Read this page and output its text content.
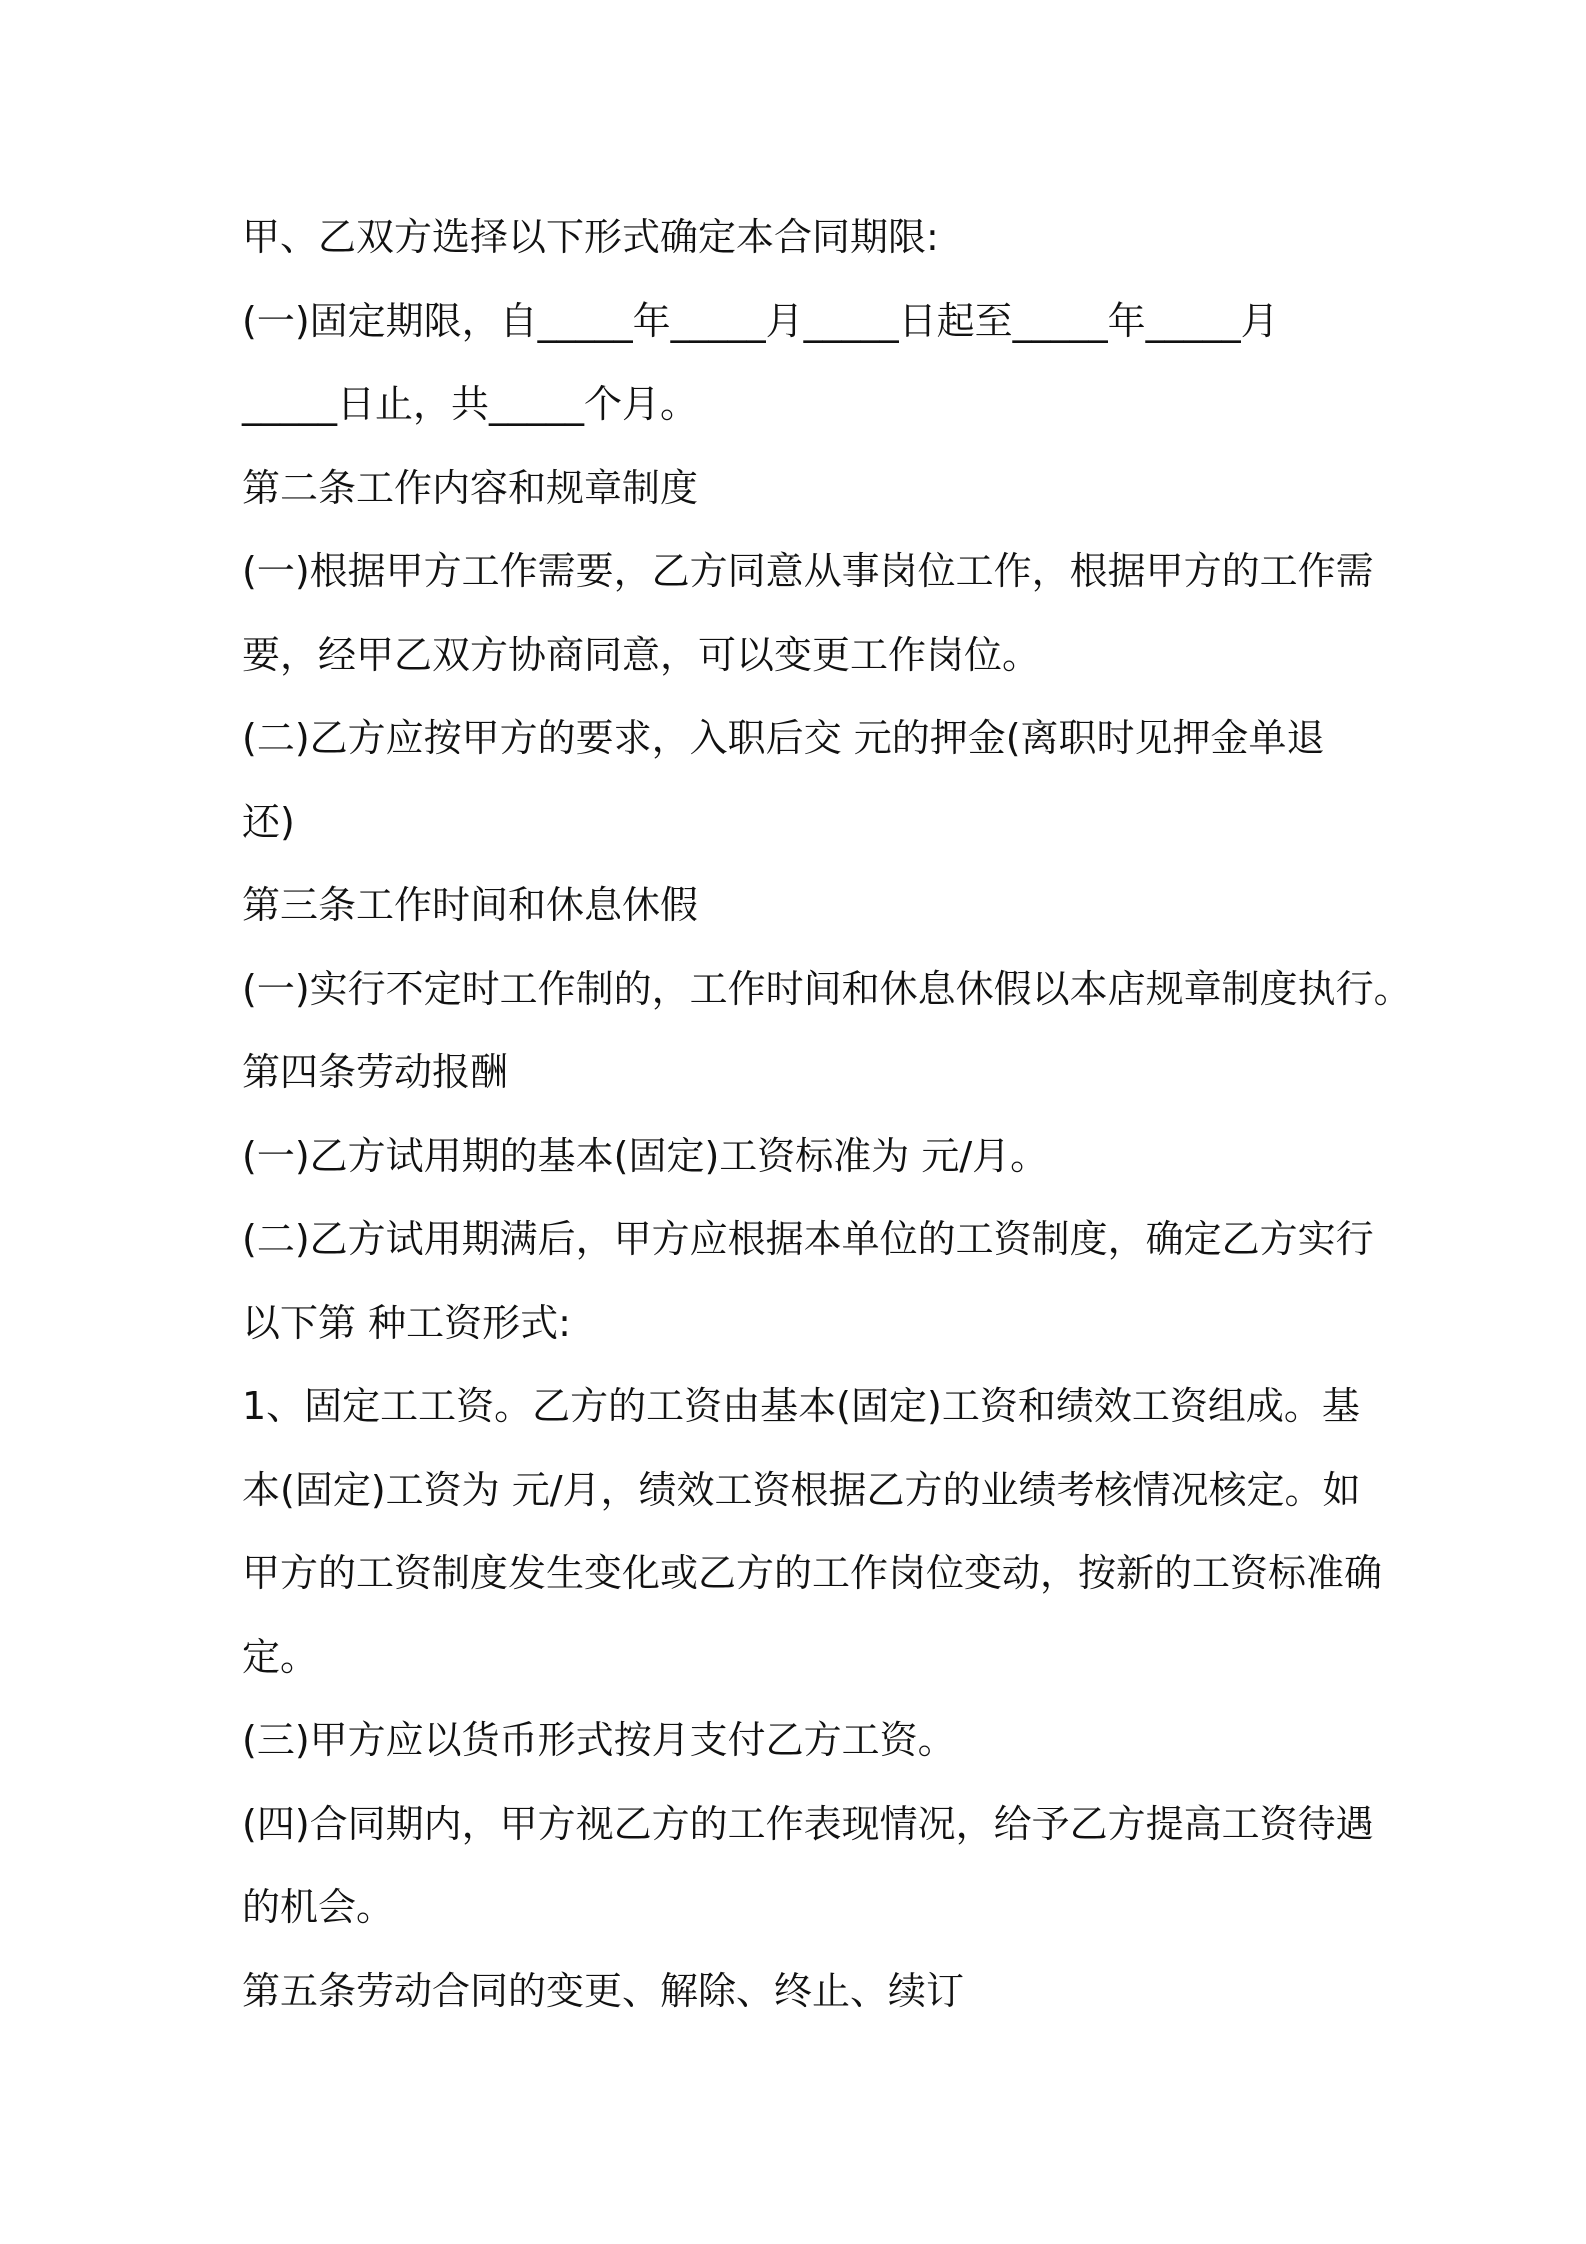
甲、乙双方选择以下形式确定本合同期限:
(一)固定期限，自_____年_____月_____日起至_____年_____月
_____日止，共_____个月。
第二条工作内容和规章制度
(一)根据甲方工作需要，乙方同意从事岗位工作，根据甲方的工作需
要，经甲乙双方协商同意，可以变更工作岗位。
(二)乙方应按甲方的要求，入职后交 元的押金(离职时见押金单退
还)
第三条工作时间和休息休假
(一)实行不定时工作制的，工作时间和休息休假以本店规章制度执行。
第四条劳动报酬
(一)乙方试用期的基本(固定)工资标准为 元/月。
(二)乙方试用期满后，甲方应根据本单位的工资制度，确定乙方实行
以下第 种工资形式:
1、固定工工资。乙方的工资由基本(固定)工资和绩效工资组成。基
本(固定)工资为 元/月，绩效工资根据乙方的业绩考核情况核定。如
甲方的工资制度发生变化或乙方的工作岗位变动，按新的工资标准确
定。
(三)甲方应以货币形式按月支付乙方工资。
(四)合同期内，甲方视乙方的工作表现情况，给予乙方提高工资待遇
的机会。
第五条劳动合同的变更、解除、终止、续订
